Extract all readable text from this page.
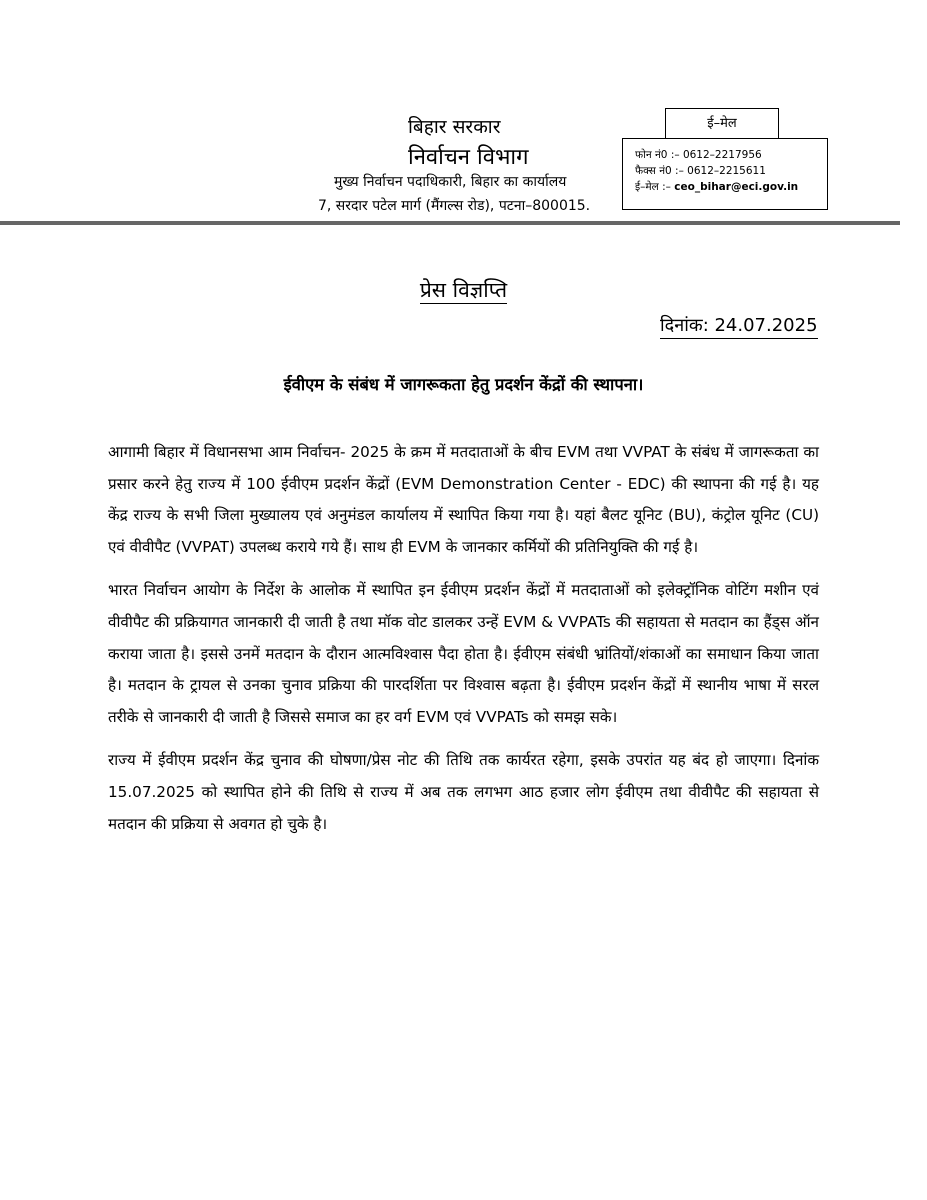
बिहार सरकार
निर्वाचन विभाग
मुख्य निर्वाचन पदाधिकारी, बिहार का कार्यालय
7, सरदार पटेल मार्ग (मैंगल्स रोड), पटना–800015.
ई–मेल
फोन नं0 :– 0612–2217956
फैक्स नं0 :– 0612–2215611
ई–मेल :– ceo_bihar@eci.gov.in
प्रेस विज्ञप्ति
दिनांक: 24.07.2025
ईवीएम के संबंध में जागरूकता हेतु प्रदर्शन केंद्रों की स्थापना।

आगामी बिहार में विधानसभा आम निर्वाचन- 2025 के क्रम में मतदाताओं के बीच EVM तथा VVPAT के संबंध में जागरूकता का प्रसार करने हेतु राज्य में 100 ईवीएम प्रदर्शन केंद्रों (EVM Demonstration Center - EDC) की स्थापना की गई है। यह केंद्र राज्य के सभी जिला मुख्यालय एवं अनुमंडल कार्यालय में स्थापित किया गया है। यहां बैलट यूनिट (BU), कंट्रोल यूनिट (CU) एवं वीवीपैट (VVPAT) उपलब्ध कराये गये हैं। साथ ही EVM के जानकार कर्मियों की प्रतिनियुक्ति की गई है।

भारत निर्वाचन आयोग के निर्देश के आलोक में स्थापित इन ईवीएम प्रदर्शन केंद्रों में मतदाताओं को इलेक्ट्रॉनिक वोटिंग मशीन एवं वीवीपैट की प्रक्रियागत जानकारी दी जाती है तथा मॉक वोट डालकर उन्हें EVM & VVPATs की सहायता से मतदान का हैंड्स ऑन कराया जाता है। इससे उनमें मतदान के दौरान आत्मविश्वास पैदा होता है। ईवीएम संबंधी भ्रांतियों/शंकाओं का समाधान किया जाता है। मतदान के ट्रायल से उनका चुनाव प्रक्रिया की पारदर्शिता पर विश्वास बढ़ता है। ईवीएम प्रदर्शन केंद्रों में स्थानीय भाषा में सरल तरीके से जानकारी दी जाती है जिससे समाज का हर वर्ग EVM एवं VVPATs को समझ सके।

राज्य में ईवीएम प्रदर्शन केंद्र चुनाव की घोषणा/प्रेस नोट की तिथि तक कार्यरत रहेगा, इसके उपरांत यह बंद हो जाएगा। दिनांक 15.07.2025 को स्थापित होने की तिथि से राज्य में अब तक लगभग आठ हजार लोग ईवीएम तथा वीवीपैट की सहायता से मतदान की प्रक्रिया से अवगत हो चुके है।
